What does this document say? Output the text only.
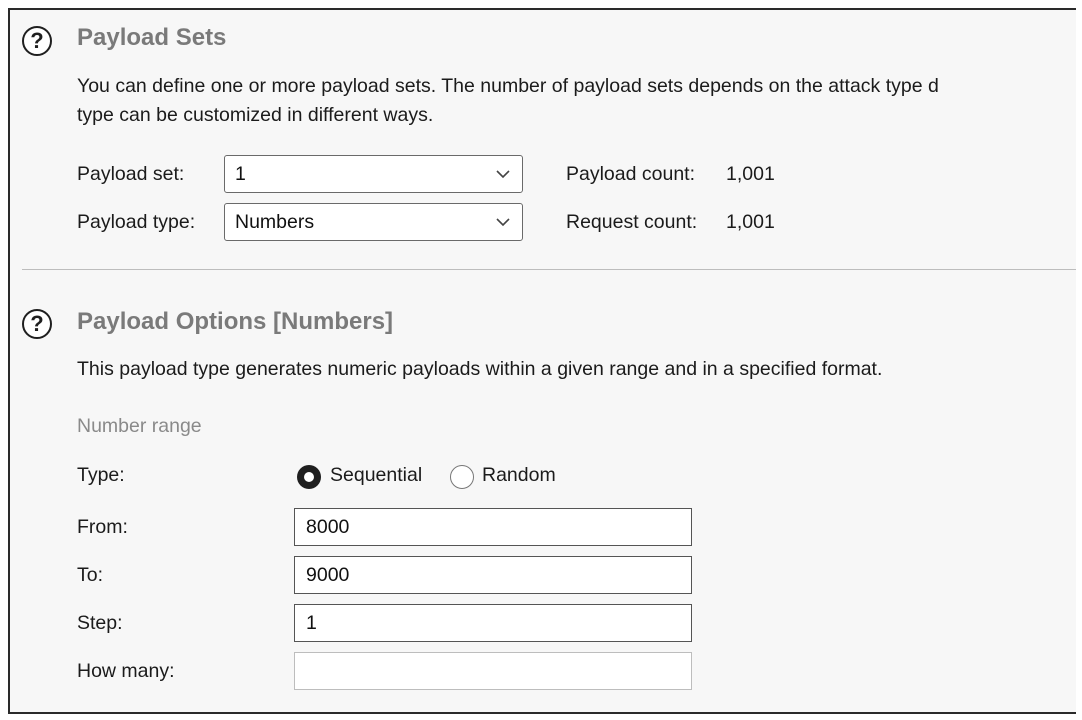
? Payload Sets
You can define one or more payload sets. The number of payload sets depends on the attack type d
type can be customized in different ways.
Payload set:	1	Payload count: 1,001
Payload type: Numbers	Request count: 1,001
? Payload Options [Numbers]
This payload type generates numeric payloads within a given range and in a specified format.
Number range
Type:	Sequential	Random
From:	8000
To:	9000
Step:	1
How many:
